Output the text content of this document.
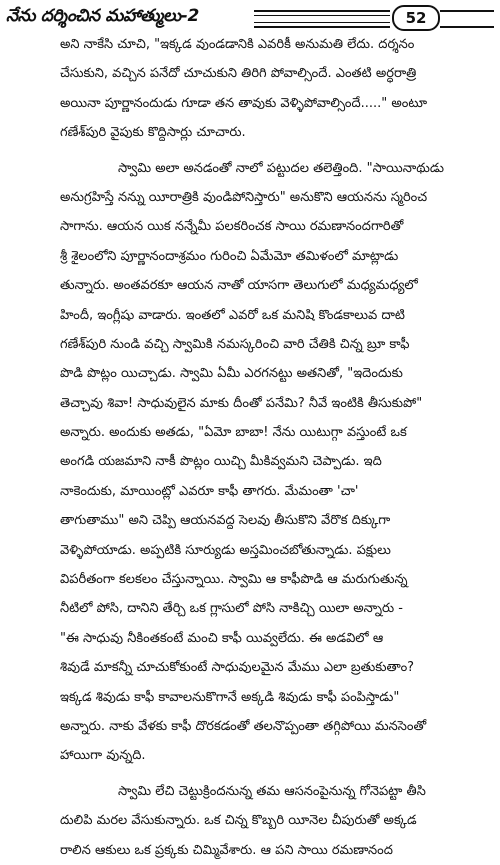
నేను దర్శించిన మహాత్ములు-2	52
అని నాకేసి చూచి, "ఇక్కడ వుండడానికి ఎవరికీ అనుమతి లేదు. దర్శనం
చేసుకుని, వచ్చిన పనేదో చూచుకుని తిరిగి పోవాల్సిందే. ఎంతటి అర్ధరాత్రి
అయినా పూర్ణానందుడు గూడా తన తావుకు వెళ్ళిపోవాల్సిందే....." అంటూ
గణేశ్‌పురి వైపుకు కొద్దిసార్లు చూచారు.
స్వామి అలా అనడంతో నాలో పట్టుదల తలెత్తింది. "సాయినాథుడు
అనుగ్రహిస్తే నన్ను యీరాత్రికి వుండిపోనిస్తారు" అనుకొని ఆయనను స్మరించ
సాగాను. ఆయన యిక నన్నేమీ పలకరించక సాయి రమణానందగారితో
శ్రీ శైలంలోని పూర్ణానందాశ్రమం గురించి ఏమేమో తమిళంలో మాట్లాడు
తున్నారు. అంతవరకూ ఆయన నాతో యాసగా తెలుగులో మధ్యమధ్యలో
హిందీ, ఇంగ్లీషు వాడారు. ఇంతలో ఎవరో ఒక మనిషి కొండకాలువ దాటి
గణేశ్‌పురి నుండి వచ్చి స్వామికి నమస్కరించి వారి చేతికి చిన్న బ్రూ కాఫీ
పొడి పొట్లం యిచ్చాడు. స్వామి ఏమీ ఎరగనట్టు అతనితో, "ఇదెందుకు
తెచ్చావు శివా! సాధువులైన మాకు దీంతో పనేమి? నీవే ఇంటికి తీసుకుపో"
అన్నారు. అందుకు అతడు, "ఏమో బాబా! నేను యిటుగ్గా వస్తుంటే ఒక
అంగడి యజమాని నాకీ పొట్లం యిచ్చి మీకివ్వమని చెప్పాడు. ఇది
నాకెందుకు, మాయింట్లో ఎవరూ కాఫీ తాగరు. మేమంతా 'చా'
తాగుతాము" అని చెప్పి ఆయనవద్ద సెలవు తీసుకొని వేరొక దిక్కుగా
వెళ్ళిపోయాడు. అప్పటికి సూర్యుడు అస్తమించబోతున్నాడు. పక్షులు
విపరీతంగా కలకలం చేస్తున్నాయి. స్వామి ఆ కాఫీపొడి ఆ మరుగుతున్న
నీటిలో పోసి, దానిని తేర్చి ఒక గ్లాసులో పోసి నాకిచ్చి యిలా అన్నారు -
"ఈ సాధువు నీకింతకంటే మంచి కాఫీ యివ్వలేదు. ఈ అడవిలో ఆ
శివుడే మాకన్నీ చూచుకోకుంటే సాధువులమైన మేము ఎలా బ్రతుకుతాం?
ఇక్కడ శివుడు కాఫీ కావాలనుకొగానే అక్కడి శివుడు కాఫీ పంపిస్తాడు"
అన్నారు. నాకు వేళకు కాఫీ దొరకడంతో తలనొప్పంతా తగ్గిపోయి మనసెంతో
హాయిగా వున్నది.
స్వామి లేచి చెట్టుక్రిందనున్న తమ ఆసనంపైనున్న గోనెపట్టా తీసి
దులిపి మరల వేసుకున్నారు. ఒక చిన్న కొబ్బరి యీనెల చీపురుతో అక్కడ
రాలిన ఆకులు ఒక ప్రక్కకు చిమ్మివేశారు. ఆ పని సాయి రమణానంద
